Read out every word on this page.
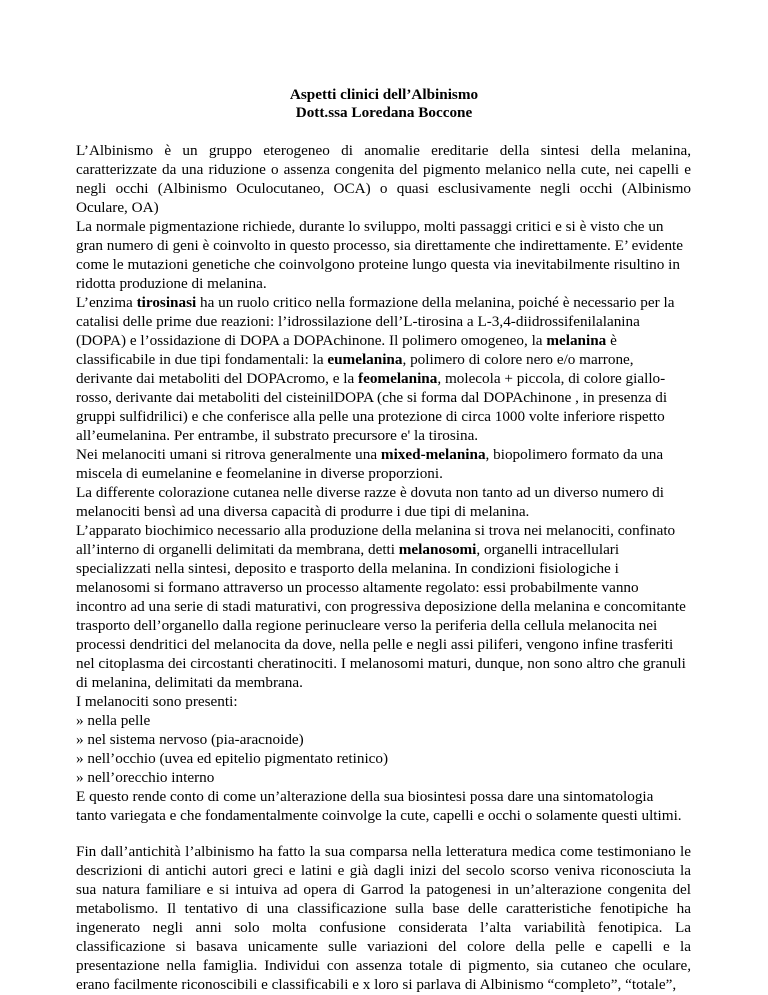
Aspetti clinici dell’Albinismo
Dott.ssa Loredana Boccone
L’Albinismo è un gruppo eterogeneo di anomalie ereditarie della sintesi della melanina,
caratterizzate da una riduzione o assenza congenita del pigmento melanico nella cute, nei capelli e
negli occhi (Albinismo Oculocutaneo, OCA) o quasi esclusivamente negli occhi (Albinismo
Oculare, OA)
La normale pigmentazione richiede, durante lo sviluppo, molti passaggi critici e si è visto che un
gran numero di geni è coinvolto in questo processo, sia direttamente che indirettamente. E’ evidente
come le mutazioni genetiche che coinvolgono proteine lungo questa via inevitabilmente risultino in
ridotta produzione di melanina.
L’enzima tirosinasi ha un ruolo critico nella formazione della melanina, poiché è necessario per la
catalisi delle prime due reazioni: l’idrossilazione dell’L-tirosina a L-3,4-diidrossifenilalanina
(DOPA) e l’ossidazione di DOPA a DOPAchinone. Il polimero omogeneo, la melanina è
classificabile in due tipi fondamentali: la eumelanina, polimero di colore nero e/o marrone,
derivante dai metaboliti del DOPAcromo, e la feomelanina, molecola + piccola, di colore giallo-
rosso, derivante dai metaboliti del cisteinilDOPA (che si forma dal DOPAchinone , in presenza di
gruppi sulfidrilici) e che conferisce alla pelle una protezione di circa 1000 volte inferiore rispetto
all’eumelanina. Per entrambe, il substrato precursore e' la tirosina.
Nei melanociti umani si ritrova generalmente una mixed-melanina, biopolimero formato da una
miscela di eumelanine e feomelanine in diverse proporzioni.
La differente colorazione cutanea nelle diverse razze è dovuta non tanto ad un diverso numero di
melanociti bensì ad una diversa capacità di produrre i due tipi di melanina.
L’apparato biochimico necessario alla produzione della melanina si trova nei melanociti, confinato
all’interno di organelli delimitati da membrana, detti melanosomi, organelli intracellulari
specializzati nella sintesi, deposito e trasporto della melanina. In condizioni fisiologiche i
melanosomi si formano attraverso un processo altamente regolato: essi probabilmente vanno
incontro ad una serie di stadi maturativi, con progressiva deposizione della melanina e concomitante
trasporto dell’organello dalla regione perinucleare verso la periferia della cellula melanocita nei
processi dendritici del melanocita da dove, nella pelle e negli assi piliferi, vengono infine trasferiti
nel citoplasma dei circostanti cheratinociti. I melanosomi maturi, dunque, non sono altro che granuli
di melanina, delimitati da membrana.
I melanociti sono presenti:
» nella pelle
» nel sistema nervoso (pia-aracnoide)
» nell’occhio (uvea ed epitelio pigmentato retinico)
» nell’orecchio interno
E questo rende conto di come un’alterazione della sua biosintesi possa dare una sintomatologia
tanto variegata e che fondamentalmente coinvolge la cute, capelli e occhi o solamente questi ultimi.
Fin dall’antichità l’albinismo ha fatto la sua comparsa nella letteratura medica come testimoniano le
descrizioni di antichi autori greci e latini e già dagli inizi del secolo scorso veniva riconosciuta la
sua natura familiare e si intuiva ad opera di Garrod la patogenesi in un’alterazione congenita del
metabolismo. Il tentativo di una classificazione sulla base delle caratteristiche fenotipiche ha
ingenerato negli anni solo molta confusione considerata l’alta variabilità fenotipica. La
classificazione si basava unicamente sulle variazioni del colore della pelle e capelli e la
presentazione nella famiglia. Individui con assenza totale di pigmento, sia cutaneo che oculare,
erano facilmente riconoscibili e classificabili e x loro si parlava di Albinismo “completo”, “totale”,
